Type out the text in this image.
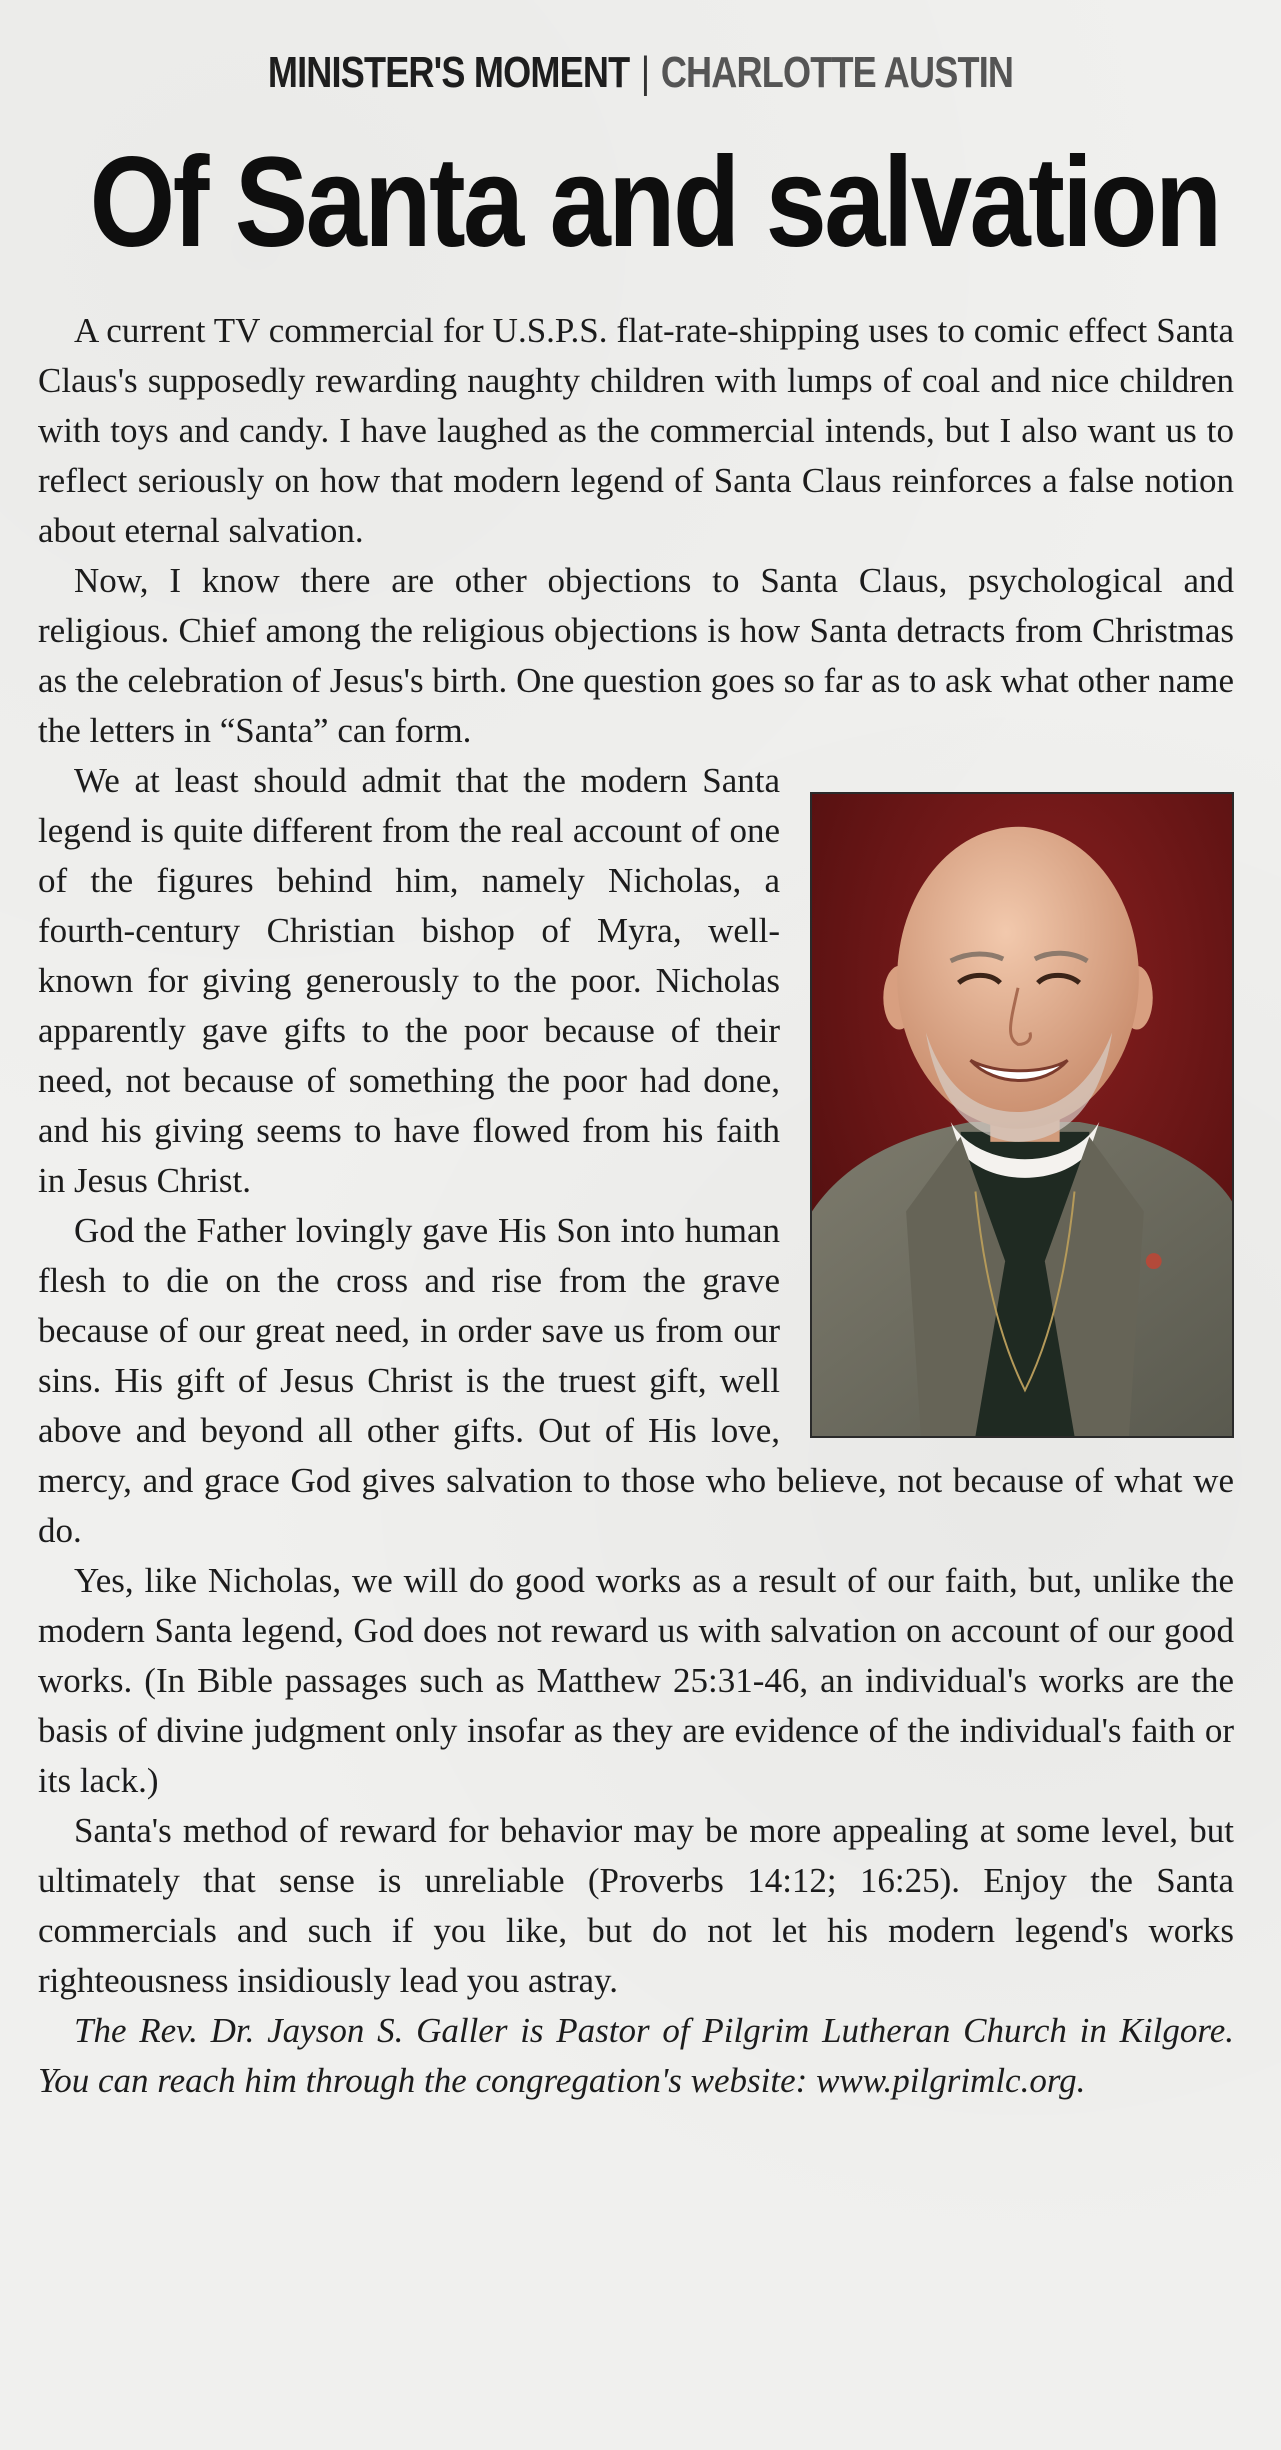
MINISTER'S MOMENT | CHARLOTTE AUSTIN
Of Santa and salvation

A current TV commercial for U.S.P.S. flat-rate-shipping uses to comic effect Santa Claus's supposedly rewarding naughty children with lumps of coal and nice children with toys and candy. I have laughed as the commercial intends, but I also want us to reflect seriously on how that modern legend of Santa Claus reinforces a false notion about eternal salvation.

Now, I know there are other objections to Santa Claus, psychological and religious. Chief among the religious objections is how Santa detracts from Christmas as the celebration of Jesus's birth. One question goes so far as to ask what other name the letters in “Santa” can form.

We at least should admit that the modern Santa legend is quite different from the real account of one of the figures behind him, namely Nicholas, a fourth-century Christian bishop of Myra, well-known for giving generously to the poor. Nicholas apparently gave gifts to the poor because of their need, not because of something the poor had done, and his giving seems to have flowed from his faith in Jesus Christ.

God the Father lovingly gave His Son into human flesh to die on the cross and rise from the grave because of our great need, in order save us from our sins. His gift of Jesus Christ is the truest gift, well above and beyond all other gifts. Out of His love, mercy, and grace God gives salvation to those who believe, not because of what we do.

Yes, like Nicholas, we will do good works as a result of our faith, but, unlike the modern Santa legend, God does not reward us with salvation on account of our good works. (In Bible passages such as Matthew 25:31-46, an individual's works are the basis of divine judgment only insofar as they are evidence of the individual's faith or its lack.)

Santa's method of reward for behavior may be more appealing at some level, but ultimately that sense is unreliable (Proverbs 14:12; 16:25). Enjoy the Santa commercials and such if you like, but do not let his modern legend's works righteousness insidiously lead you astray.

The Rev. Dr. Jayson S. Galler is Pastor of Pilgrim Lutheran Church in Kilgore. You can reach him through the congregation's website: www.pilgrimlc.org.
